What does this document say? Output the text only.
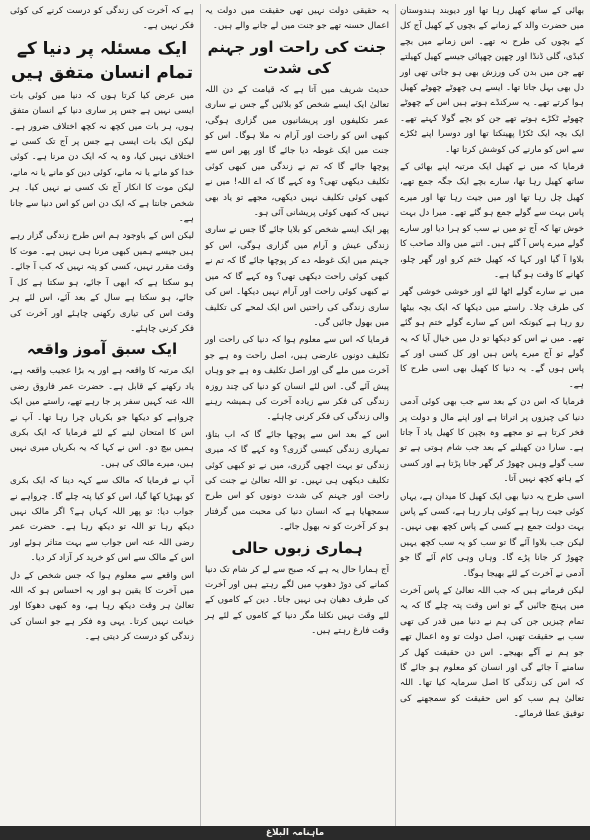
بھائی کے ساتھ کھیل رہا تھا اور دیوبند ہندوستان میں حضرت والد کے زمانے کے بچوں کے کھیل آج کل کے بچوں کی طرح نہ تھے۔ اس زمانے میں بچے کبڈی، گلی ڈنڈا اور چھپن چھپائی جیسے کھیل کھیلتے تھے جن میں بدن کی ورزش بھی ہو جاتی تھی اور دل بھی بہل جاتا تھا۔ ایسے ہی چھوٹے چھوٹے کھیل ہوا کرتے تھے۔ یہ سرکنڈے ہوتے ہیں اس کے چھوٹے چھوٹے ٹکڑے ہوتے تھے جن کو بچے گولا کہتے تھے۔ ایک بچہ ایک ٹکڑا پھینکتا تھا اور دوسرا اپنے ٹکڑے سے اس کو مارنے کی کوشش کرتا تھا۔

فرمایا کہ میں نے کھیل ایک مرتبہ اپنے بھائی کے ساتھ کھیل رہا تھا، سارے بچے ایک جگہ جمع تھے، کھیل چل رہا تھا اور میں جیت رہا تھا اور میرے پاس بہت سے گولے جمع ہو گئے تھے۔ میرا دل بہت خوش تھا کہ آج تو میں نے سب کو ہرا دیا اور سارے گولے میرے پاس آ گئے ہیں۔ اتنے میں والد صاحب کا بلاوا آ گیا اور کہا کہ کھیل ختم کرو اور گھر چلو، کھانے کا وقت ہو گیا ہے۔

میں نے سارے گولے اٹھا لئے اور خوشی خوشی گھر کی طرف چلا۔ راستے میں دیکھا کہ ایک بچہ بیٹھا رو رہا ہے کیونکہ اس کے سارے گولے ختم ہو گئے تھے۔ میں نے اس کو دیکھا تو دل میں خیال آیا کہ یہ گولے تو آج میرے پاس ہیں اور کل کسی اور کے پاس ہوں گے۔ یہ دنیا کا کھیل بھی اسی طرح کا ہے۔

فرمایا کہ اس دن کے بعد سے جب بھی کوئی آدمی دنیا کی چیزوں پر اتراتا ہے اور اپنے مال و دولت پر فخر کرتا ہے تو مجھے وہ بچپن کا کھیل یاد آ جاتا ہے۔ سارا دن کھیلنے کے بعد جب شام ہوتی ہے تو سب گولے وہیں چھوڑ کر گھر جانا پڑتا ہے اور کسی کے ہاتھ کچھ نہیں آتا۔

اسی طرح یہ دنیا بھی ایک کھیل کا میدان ہے، یہاں کوئی جیت رہا ہے کوئی ہار رہا ہے، کسی کے پاس بہت دولت جمع ہے کسی کے پاس کچھ بھی نہیں۔ لیکن جب بلاوا آئے گا تو سب کو یہ سب کچھ یہیں چھوڑ کر جانا پڑے گا۔ وہاں وہی کام آئے گا جو آدمی نے آخرت کے لئے بھیجا ہوگا۔

لیکن فرماتے ہیں کہ جب اللہ تعالیٰ کے پاس آخرت میں پہنچ جائیں گے تو اس وقت پتہ چلے گا کہ یہ تمام چیزیں جن کی ہم نے دنیا میں قدر کی تھی سب بے حقیقت تھیں، اصل دولت تو وہ اعمال تھے جو ہم نے آگے بھیجے۔ اس دن حقیقت کھل کر سامنے آ جائے گی اور انسان کو معلوم ہو جائے گا کہ اس کی زندگی کا اصل سرمایہ کیا تھا۔ اللہ تعالیٰ ہم سب کو اس حقیقت کو سمجھنے کی توفیق عطا فرمائے۔

یہ حقیقی دولت نہیں تھی حقیقت میں دولت یہ اعمال حسنہ تھے جو جنت میں لے جانے والے ہیں۔

جنت کی راحت اور جہنم کی شدت

حدیث شریف میں آتا ہے کہ قیامت کے دن اللہ تعالیٰ ایک ایسے شخص کو بلائیں گے جس نے ساری عمر تکلیفوں اور پریشانیوں میں گزاری ہوگی، کبھی اس کو راحت اور آرام نہ ملا ہوگا۔ اس کو جنت میں ایک غوطہ دیا جائے گا اور پھر اس سے پوچھا جائے گا کہ تم نے زندگی میں کبھی کوئی تکلیف دیکھی تھی؟ وہ کہے گا کہ اے اللہ! میں نے کبھی کوئی تکلیف نہیں دیکھی، مجھے تو یاد بھی نہیں کہ کبھی کوئی پریشانی آئی ہو۔

پھر ایک ایسے شخص کو بلایا جائے گا جس نے ساری زندگی عیش و آرام میں گزاری ہوگی، اس کو جہنم میں ایک غوطہ دے کر پوچھا جائے گا کہ تم نے کبھی کوئی راحت دیکھی تھی؟ وہ کہے گا کہ میں نے کبھی کوئی راحت اور آرام نہیں دیکھا۔ اس کی ساری زندگی کی راحتیں اس ایک لمحے کی تکلیف میں بھول جائیں گی۔

فرمایا کہ اس سے معلوم ہوا کہ دنیا کی راحت اور تکلیف دونوں عارضی ہیں، اصل راحت وہ ہے جو آخرت میں ملے گی اور اصل تکلیف وہ ہے جو وہاں پیش آئے گی۔ اس لئے انسان کو دنیا کی چند روزہ زندگی کی فکر سے زیادہ آخرت کی ہمیشہ رہنے والی زندگی کی فکر کرنی چاہئے۔

اس کے بعد اس سے پوچھا جائے گا کہ اب بتاؤ، تمہاری زندگی کیسی گزری؟ وہ کہے گا کہ میری زندگی تو بہت اچھی گزری، میں نے تو کبھی کوئی تکلیف دیکھی ہی نہیں۔ تو اللہ تعالیٰ نے جنت کی راحت اور جہنم کی شدت دونوں کو اس طرح سمجھایا ہے کہ انسان دنیا کی محبت میں گرفتار ہو کر آخرت کو نہ بھول جائے۔

ہماری زبوں حالی

آج ہمارا حال یہ ہے کہ صبح سے لے کر شام تک دنیا کمانے کی دوڑ دھوپ میں لگے رہتے ہیں اور آخرت کی طرف دھیان ہی نہیں جاتا۔ دین کے کاموں کے لئے وقت نہیں نکلتا مگر دنیا کے کاموں کے لئے ہر وقت فارغ رہتے ہیں۔

ہے کہ آخرت کی زندگی کو درست کرنے کی کوئی فکر نہیں ہے۔

ایک مسئلہ پر دنیا کے تمام انسان متفق ہیں

میں عرض کیا کرتا ہوں کہ دنیا میں کوئی بات ایسی نہیں ہے جس پر ساری دنیا کے انسان متفق ہوں، ہر بات میں کچھ نہ کچھ اختلاف ضرور ہے۔ لیکن ایک بات ایسی ہے جس پر آج تک کسی نے اختلاف نہیں کیا، وہ یہ کہ ایک دن مرنا ہے۔ کوئی خدا کو مانے یا نہ مانے، کوئی دین کو مانے یا نہ مانے، لیکن موت کا انکار آج تک کسی نے نہیں کیا۔ ہر شخص جانتا ہے کہ ایک دن اس کو اس دنیا سے جانا ہے۔

لیکن اس کے باوجود ہم اس طرح زندگی گزار رہے ہیں جیسے ہمیں کبھی مرنا ہی نہیں ہے۔ موت کا وقت مقرر نہیں، کسی کو پتہ نہیں کہ کب آ جائے۔ ہو سکتا ہے کہ ابھی آ جائے، ہو سکتا ہے کل آ جائے، ہو سکتا ہے سال کے بعد آئے، اس لئے ہر وقت اس کی تیاری رکھنی چاہئے اور آخرت کی فکر کرنی چاہئے۔

ایک سبق آموز واقعہ

ایک مرتبہ کا واقعہ ہے اور یہ بڑا عجیب واقعہ ہے، یاد رکھنے کے قابل ہے۔ حضرت عمر فاروق رضی اللہ عنہ کہیں سفر پر جا رہے تھے، راستے میں ایک چرواہے کو دیکھا جو بکریاں چرا رہا تھا۔ آپ نے اس کا امتحان لینے کے لئے فرمایا کہ ایک بکری ہمیں بیچ دو۔ اس نے کہا کہ یہ بکریاں میری نہیں ہیں، میرے مالک کی ہیں۔

آپ نے فرمایا کہ مالک سے کہہ دینا کہ ایک بکری کو بھیڑیا کھا گیا، اس کو کیا پتہ چلے گا۔ چرواہے نے جواب دیا: تو پھر اللہ کہاں ہے؟ اگر مالک نہیں دیکھ رہا تو اللہ تو دیکھ رہا ہے۔ حضرت عمر رضی اللہ عنہ اس جواب سے بہت متاثر ہوئے اور اس کے مالک سے اس کو خرید کر آزاد کر دیا۔

اس واقعے سے معلوم ہوا کہ جس شخص کے دل میں آخرت کا یقین ہو اور یہ احساس ہو کہ اللہ تعالیٰ ہر وقت دیکھ رہا ہے، وہ کبھی دھوکا اور خیانت نہیں کرتا۔ یہی وہ فکر ہے جو انسان کی زندگی کو درست کر دیتی ہے۔

ماہنامہ البلاغ
